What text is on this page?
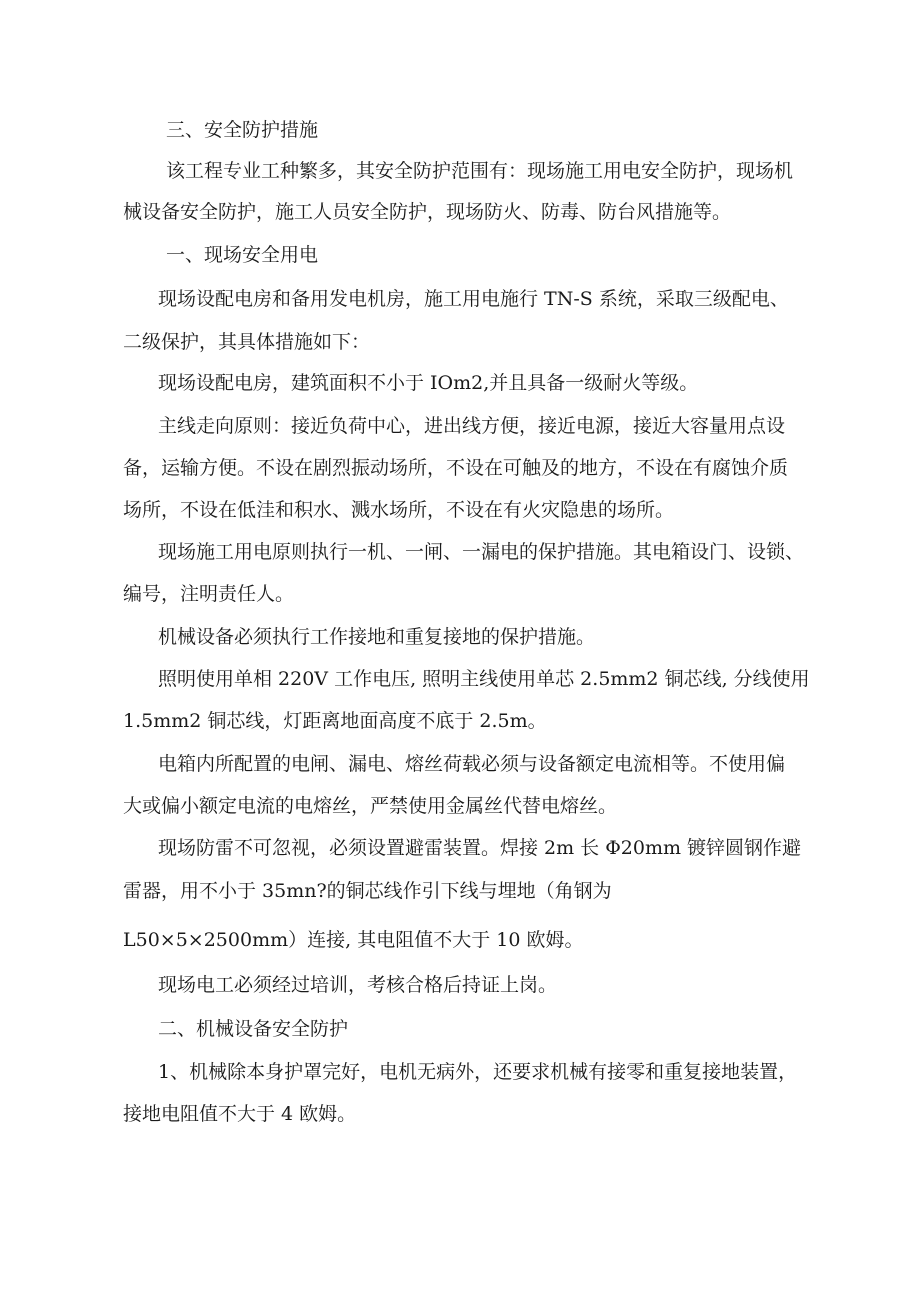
三、安全防护措施

该工程专业工种繁多，其安全防护范围有：现场施工用电安全防护，现场机

械设备安全防护，施工人员安全防护，现场防火、防毒、防台风措施等。

一、现场安全用电

现场设配电房和备用发电机房，施工用电施行 TN-S 系统，采取三级配电、

二级保护，其具体措施如下：

现场设配电房，建筑面积不小于 IOm2,并且具备一级耐火等级。

主线走向原则：接近负荷中心，进出线方便，接近电源，接近大容量用点设

备，运输方便。不设在剧烈振动场所，不设在可触及的地方，不设在有腐蚀介质

场所，不设在低洼和积水、溅水场所，不设在有火灾隐患的场所。

现场施工用电原则执行一机、一闸、一漏电的保护措施。其电箱设门、设锁、

编号，注明责任人。

机械设备必须执行工作接地和重复接地的保护措施。

照明使用单相 220V 工作电压, 照明主线使用单芯 2.5mm2 铜芯线, 分线使用

1.5mm2 铜芯线，灯距离地面高度不底于 2.5m。

电箱内所配置的电闸、漏电、熔丝荷载必须与设备额定电流相等。不使用偏

大或偏小额定电流的电熔丝，严禁使用金属丝代替电熔丝。

现场防雷不可忽视，必须设置避雷装置。焊接 2m 长 Φ20mm 镀锌圆钢作避

雷器，用不小于 35mn?的铜芯线作引下线与埋地（角钢为

L50×5×2500mm）连接, 其电阻值不大于 10 欧姆。

现场电工必须经过培训，考核合格后持证上岗。

二、机械设备安全防护

1、机械除本身护罩完好，电机无病外，还要求机械有接零和重复接地装置，

接地电阻值不大于 4 欧姆。
